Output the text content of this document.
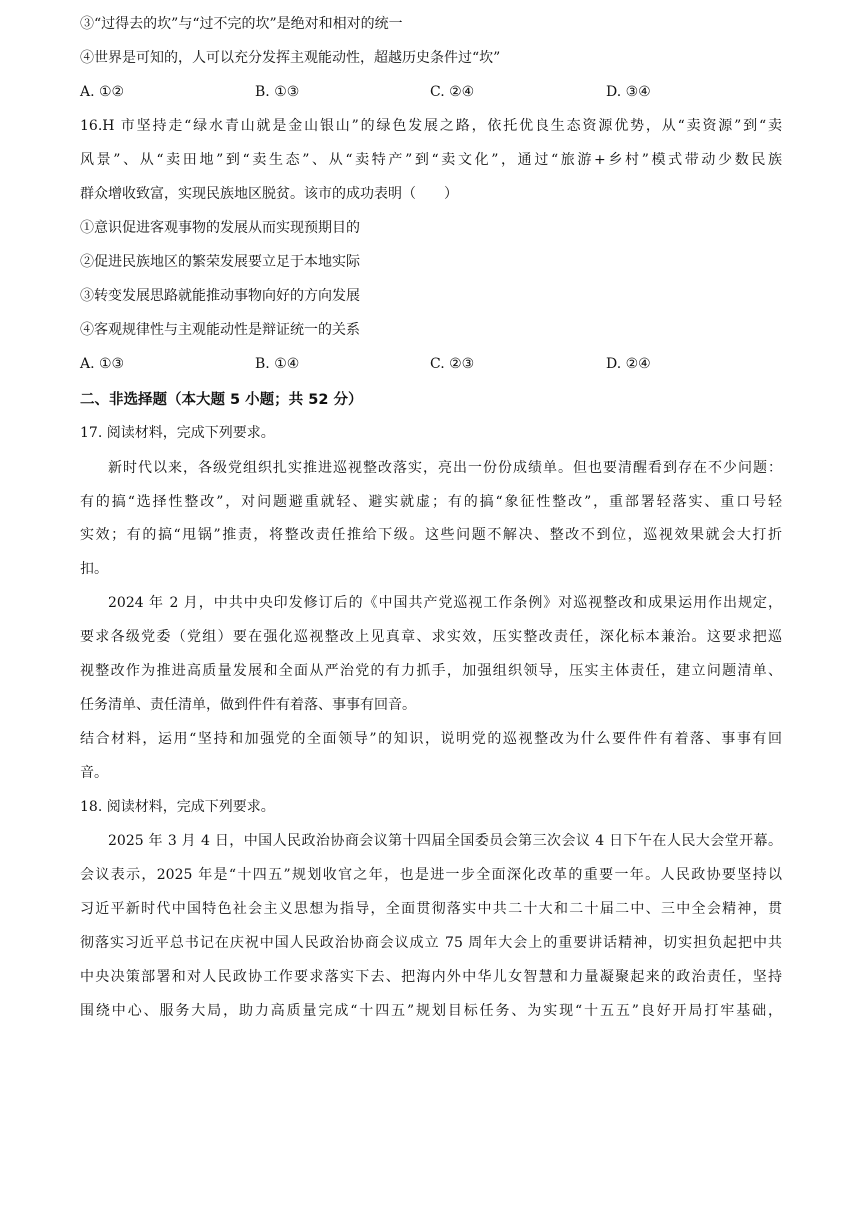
③“过得去的坎”与“过不完的坎”是绝对和相对的统一
④世界是可知的，人可以充分发挥主观能动性，超越历史条件过“坎”
A. ①②	B. ①③	C. ②④	D. ③④
16.H 市坚持走“绿水青山就是金山银山”的绿色发展之路，依托优良生态资源优势，从“卖资源”到“卖
风景”、从“卖田地”到“卖生态”、从“卖特产”到“卖文化”，通过“旅游+乡村”模式带动少数民族
群众增收致富，实现民族地区脱贫。该市的成功表明（　　）
①意识促进客观事物的发展从而实现预期目的
②促进民族地区的繁荣发展要立足于本地实际
③转变发展思路就能推动事物向好的方向发展
④客观规律性与主观能动性是辩证统一的关系
A. ①③	B. ①④	C. ②③	D. ②④
二、非选择题（本大题 5 小题；共 52 分）
17. 阅读材料，完成下列要求。
新时代以来，各级党组织扎实推进巡视整改落实，亮出一份份成绩单。但也要清醒看到存在不少问题：
有的搞“选择性整改”，对问题避重就轻、避实就虚；有的搞“象征性整改”，重部署轻落实、重口号轻
实效；有的搞“甩锅”推责，将整改责任推给下级。这些问题不解决、整改不到位，巡视效果就会大打折
扣。
2024 年 2 月，中共中央印发修订后的《中国共产党巡视工作条例》对巡视整改和成果运用作出规定，
要求各级党委（党组）要在强化巡视整改上见真章、求实效，压实整改责任，深化标本兼治。这要求把巡
视整改作为推进高质量发展和全面从严治党的有力抓手，加强组织领导，压实主体责任，建立问题清单、
任务清单、责任清单，做到件件有着落、事事有回音。
结合材料，运用“坚持和加强党的全面领导”的知识，说明党的巡视整改为什么要件件有着落、事事有回
音。
18. 阅读材料，完成下列要求。
2025 年 3 月 4 日，中国人民政治协商会议第十四届全国委员会第三次会议 4 日下午在人民大会堂开幕。
会议表示，2025 年是“十四五”规划收官之年，也是进一步全面深化改革的重要一年。人民政协要坚持以
习近平新时代中国特色社会主义思想为指导，全面贯彻落实中共二十大和二十届二中、三中全会精神，贯
彻落实习近平总书记在庆祝中国人民政治协商会议成立 75 周年大会上的重要讲话精神，切实担负起把中共
中央决策部署和对人民政协工作要求落实下去、把海内外中华儿女智慧和力量凝聚起来的政治责任，坚持
围绕中心、服务大局，助力高质量完成“十四五”规划目标任务、为实现“十五五”良好开局打牢基础，
